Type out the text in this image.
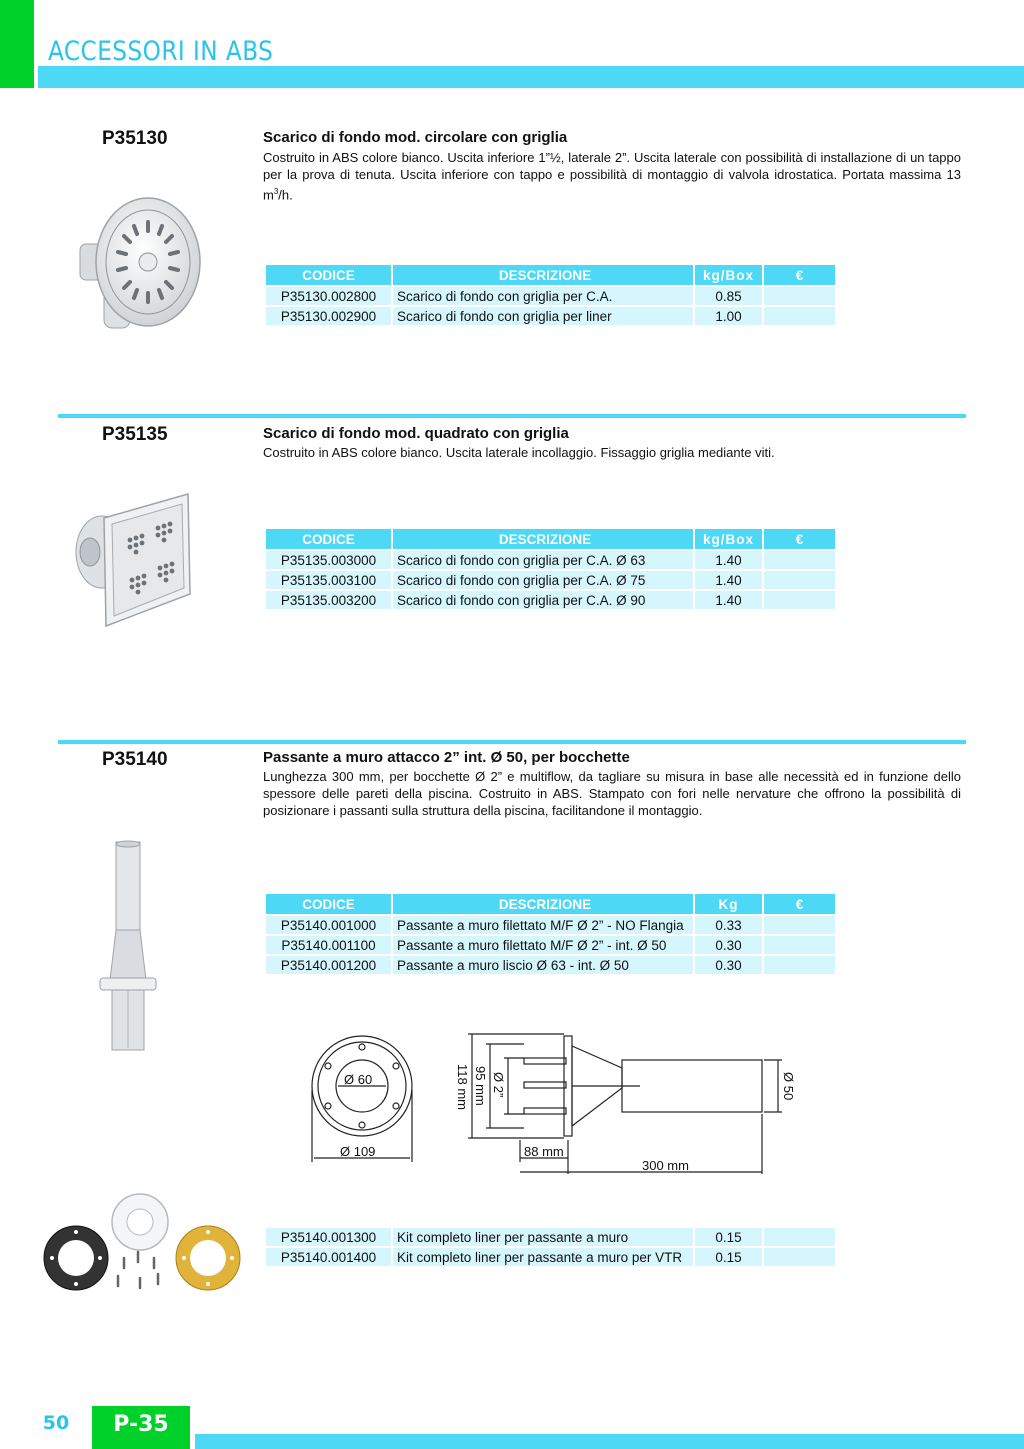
ACCESSORI IN ABS
P35130	Scarico di fondo mod. circolare con griglia
Costruito in ABS colore bianco. Uscita inferiore 1”½, laterale 2”. Uscita laterale con possibilità di installazione di un tappo per la prova di tenuta. Uscita inferiore con tappo e possibilità di montaggio di valvola idrostatica. Portata massima 13 $m^3/h$.
CODICE	DESCRIZIONE	kg/Box	€
P35130.002800	Scarico di fondo con griglia per C.A.	0.85	
P35130.002900	Scarico di fondo con griglia per liner	1.00	
P35135	Scarico di fondo mod. quadrato con griglia
Costruito in ABS colore bianco. Uscita laterale incollaggio. Fissaggio griglia mediante viti.
CODICE	DESCRIZIONE	kg/Box	€
P35135.003000	Scarico di fondo con griglia per C.A. Ø 63	1.40	
P35135.003100	Scarico di fondo con griglia per C.A. Ø 75	1.40	
P35135.003200	Scarico di fondo con griglia per C.A. Ø 90	1.40	
P35140	Passante a muro attacco 2” int. Ø 50, per bocchette
Lunghezza 300 mm, per bocchette Ø 2” e multiflow, da tagliare su misura in base alle necessità ed in funzione dello spessore delle pareti della piscina. Costruito in ABS. Stampato con fori nelle nervature che offrono la possibilità di posizionare i passanti sulla struttura della piscina, facilitandone il montaggio.
CODICE	DESCRIZIONE	Kg	€
P35140.001000	Passante a muro filettato M/F Ø 2” - NO Flangia	0.33	
P35140.001100	Passante a muro filettato M/F Ø 2” - int. Ø 50	0.30	
P35140.001200	Passante a muro liscio Ø 63 - int. Ø 50	0.30	
Ø 60
Ø 109
118 mm 95 mm Ø 2”	Ø 50
88 mm
300 mm
P35140.001300	Kit completo liner per passante a muro	0.15	
P35140.001400	Kit completo liner per passante a muro per VTR	0.15	
50	P-35
